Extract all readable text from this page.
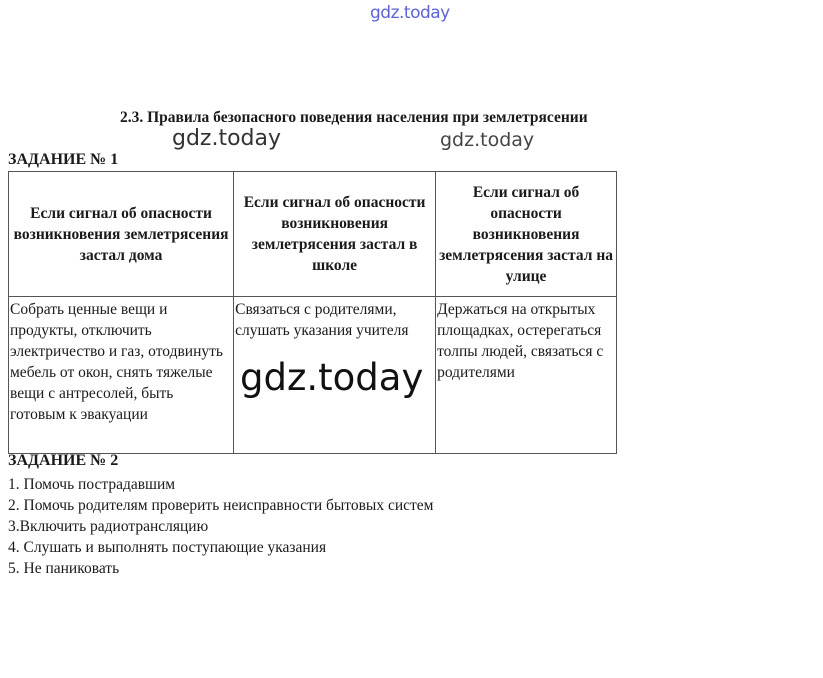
gdz.today
2.3. Правила безопасного поведения населения при землетрясении
ЗАДАНИЕ № 1
Если сигнал об опасности возникновения землетрясения застал дома	Если сигнал об опасности возникновения землетрясения застал в школе	Если сигнал об опасности возникновения землетрясения застал на улице
Собрать ценные вещи и продукты, отключить электричество и газ, отодвинуть мебель от окон, снять тяжелые вещи с антресолей, быть готовым к эвакуации	Связаться с родителями, слушать указания учителя	Держаться на открытых площадках, остерегаться толпы людей, связаться с родителями
ЗАДАНИЕ № 2
1. Помочь пострадавшим
2. Помочь родителям проверить неисправности бытовых систем
3.Включить радиотрансляцию
4. Слушать и выполнять поступающие указания
5. Не паниковать
gdz.today	gdz.today
gdz.today
